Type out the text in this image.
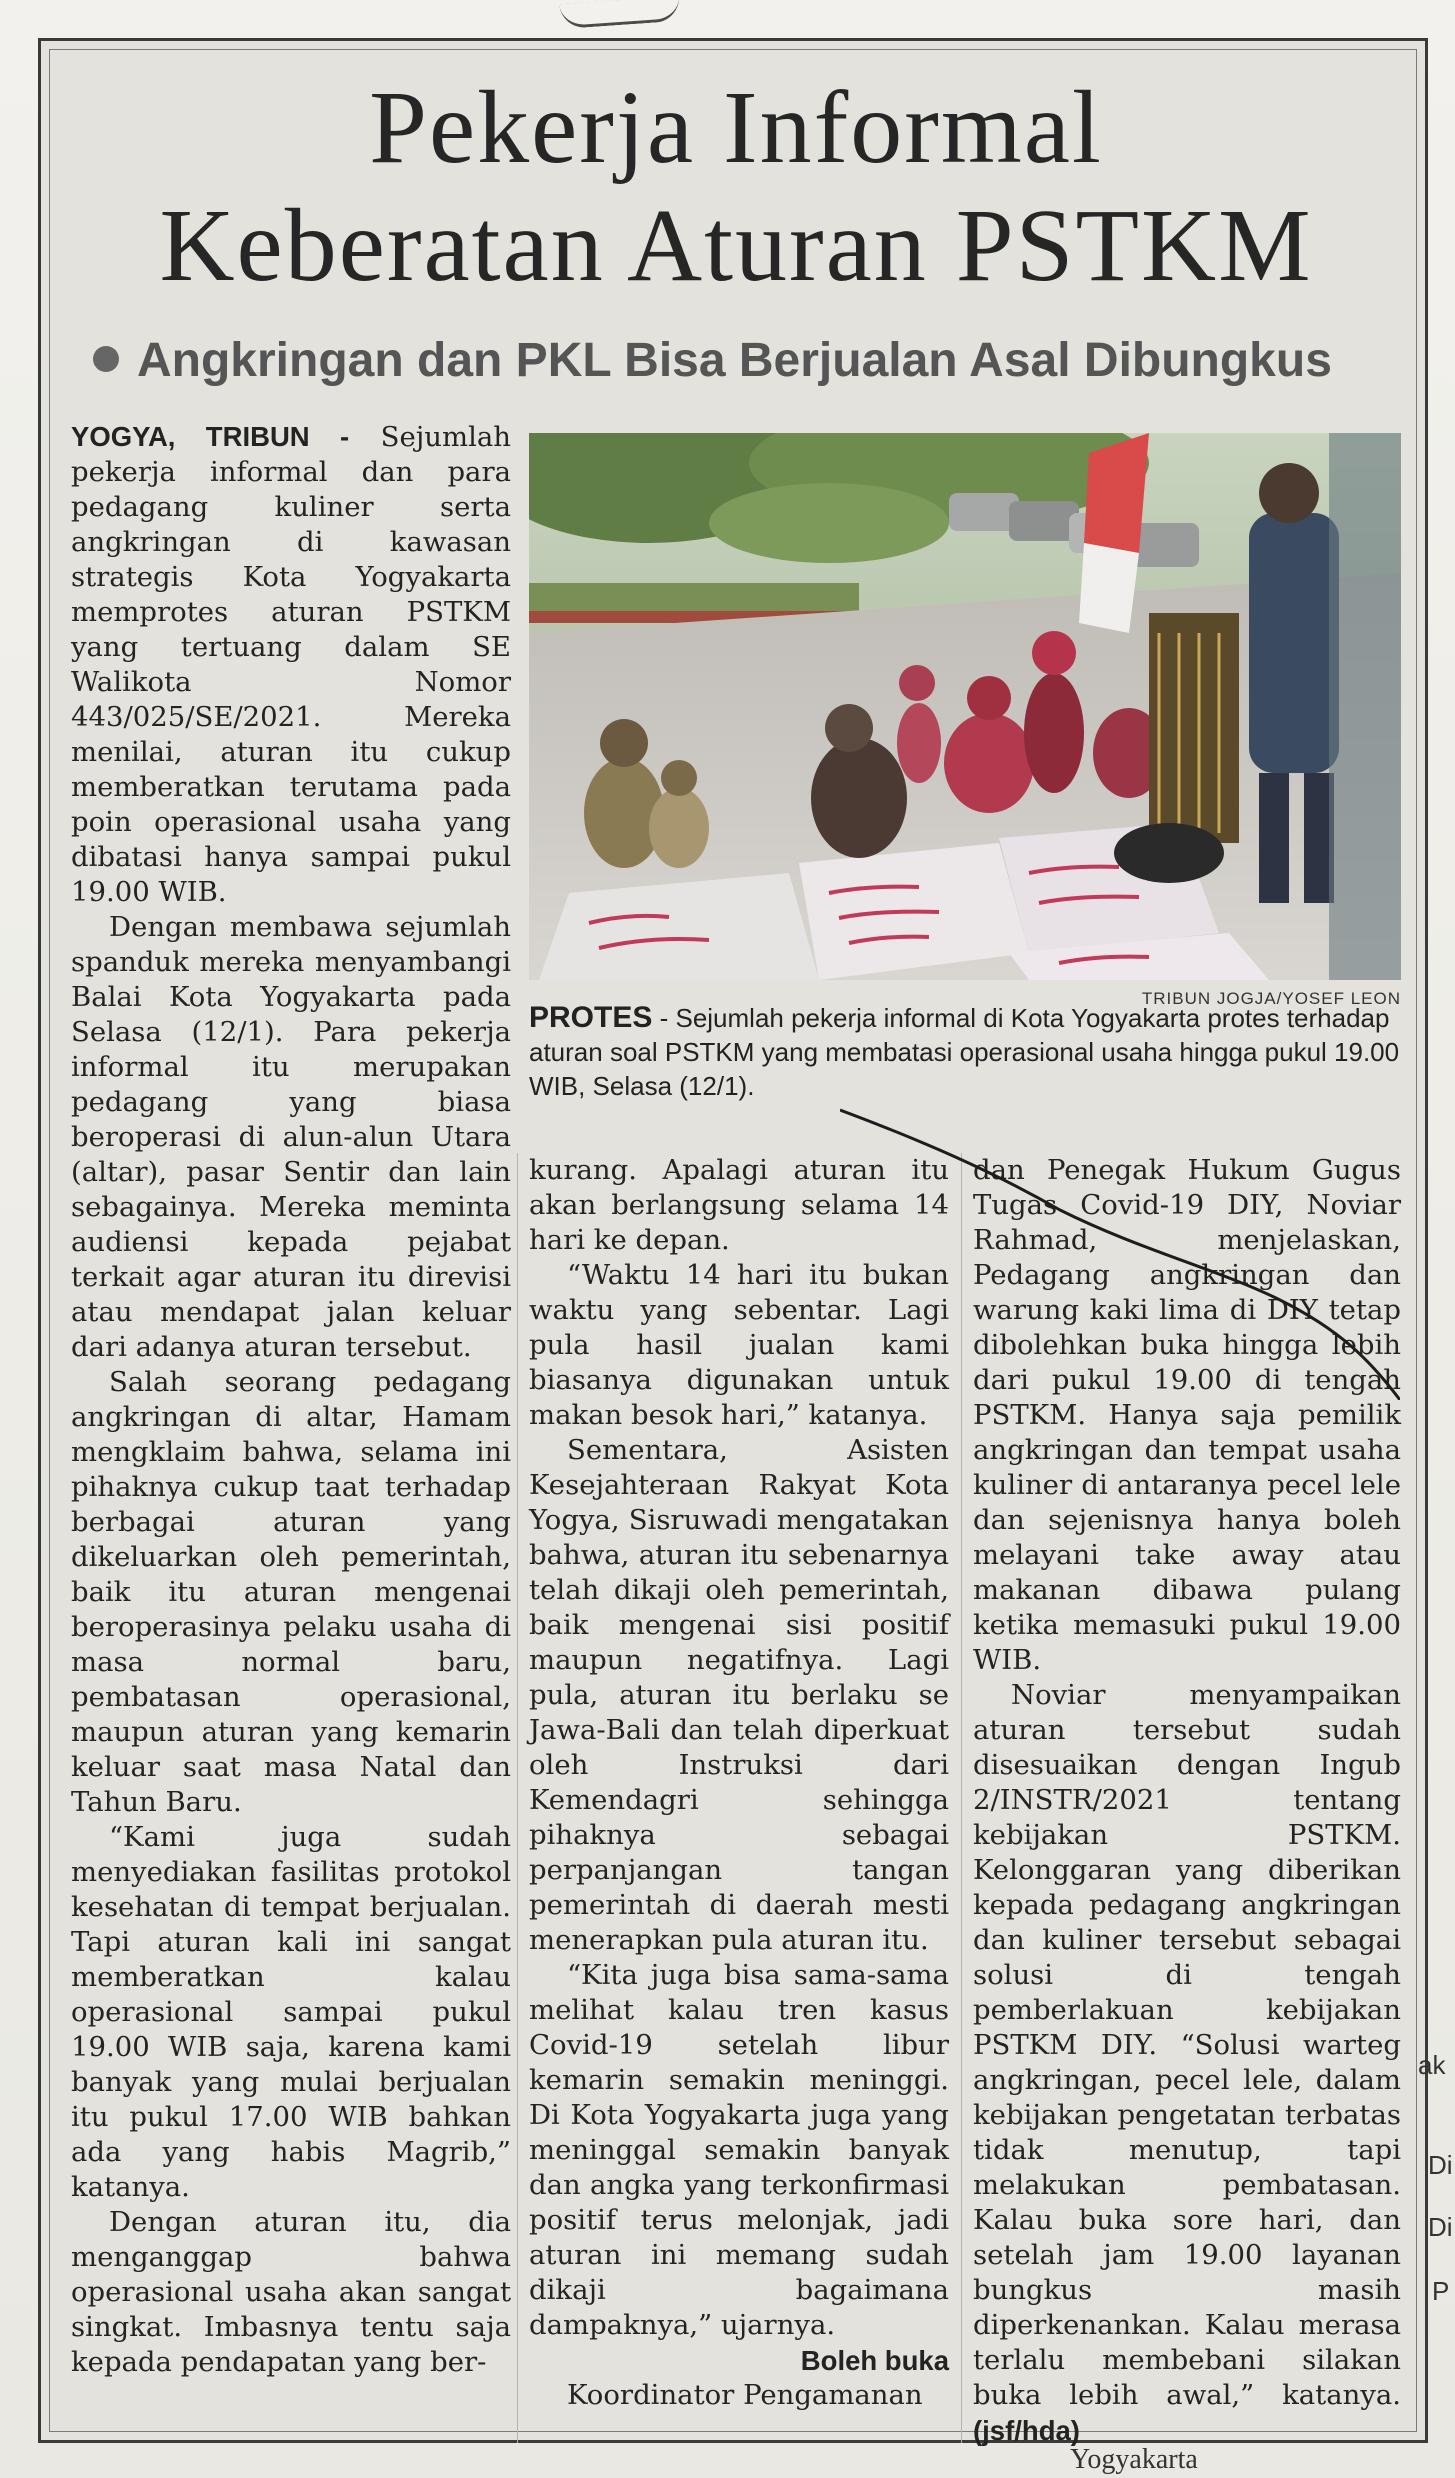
Pekerja Informal
Keberatan Aturan PSTKM
Angkringan dan PKL Bisa Berjualan Asal Dibungkus

YOGYA, TRIBUN - Sejumlah pekerja informal dan para pedagang kuliner serta angkringan di kawasan strategis Kota Yogyakarta memprotes aturan PSTKM yang tertuang dalam SE Walikota Nomor 443/025/SE/2021. Mereka menilai, aturan itu cukup memberatkan terutama pada poin operasional usaha yang dibatasi hanya sampai pukul 19.00 WIB.

Dengan membawa sejumlah spanduk mereka menyambangi Balai Kota Yogyakarta pada Selasa (12/1). Para pekerja informal itu merupakan pedagang yang biasa beroperasi di alun-alun Utara (altar), pasar Sentir dan lain sebagainya. Mereka meminta audiensi kepada pejabat terkait agar aturan itu direvisi atau mendapat jalan keluar dari adanya aturan tersebut.

Salah seorang pedagang angkringan di altar, Hamam mengklaim bahwa, selama ini pihaknya cukup taat terhadap berbagai aturan yang dikeluarkan oleh pemerintah, baik itu aturan mengenai beroperasinya pelaku usaha di masa normal baru, pembatasan operasional, maupun aturan yang kemarin keluar saat masa Natal dan Tahun Baru.

“Kami juga sudah menyediakan fasilitas protokol kesehatan di tempat berjualan. Tapi aturan kali ini sangat memberatkan kalau operasional sampai pukul 19.00 WIB saja, karena kami banyak yang mulai berjualan itu pukul 17.00 WIB bahkan ada yang habis Magrib,” katanya.

Dengan aturan itu, dia menganggap bahwa operasional usaha akan sangat singkat. Imbasnya tentu saja kepada pendapatan yang ber-

TRIBUN JOGJA/YOSEF LEON

PROTES - Sejumlah pekerja informal di Kota Yogyakarta protes terhadap aturan soal PSTKM yang membatasi operasional usaha hingga pukul 19.00 WIB, Selasa (12/1).

kurang. Apalagi aturan itu akan berlangsung selama 14 hari ke depan.

“Waktu 14 hari itu bukan waktu yang sebentar. Lagi pula hasil jualan kami biasanya digunakan untuk makan besok hari,” katanya.

Sementara, Asisten Kesejahteraan Rakyat Kota Yogya, Sisruwadi mengatakan bahwa, aturan itu sebenarnya telah dikaji oleh pemerintah, baik mengenai sisi positif maupun negatifnya. Lagi pula, aturan itu berlaku se Jawa-Bali dan telah diperkuat oleh Instruksi dari Kemendagri sehingga pihaknya sebagai perpanjangan tangan pemerintah di daerah mesti menerapkan pula aturan itu.

“Kita juga bisa sama-sama melihat kalau tren kasus Covid-19 setelah libur kemarin semakin meninggi. Di Kota Yogyakarta juga yang meninggal semakin banyak dan angka yang terkonfirmasi positif terus melonjak, jadi aturan ini memang sudah dikaji bagaimana dampaknya,” ujarnya.

Boleh buka

Koordinator Pengamanan

dan Penegak Hukum Gugus Tugas Covid-19 DIY, Noviar Rahmad, menjelaskan, Pedagang angkringan dan warung kaki lima di DIY tetap dibolehkan buka hingga lebih dari pukul 19.00 di tengah PSTKM. Hanya saja pemilik angkringan dan tempat usaha kuliner di antaranya pecel lele dan sejenisnya hanya boleh melayani take away atau makanan dibawa pulang ketika memasuki pukul 19.00 WIB.

Noviar menyampaikan aturan tersebut sudah disesuaikan dengan Ingub 2/INSTR/2021 tentang kebijakan PSTKM. Kelonggaran yang diberikan kepada pedagang angkringan dan kuliner tersebut sebagai solusi di tengah pemberlakuan kebijakan PSTKM DIY. “Solusi warteg angkringan, pecel lele, dalam kebijakan pengetatan terbatas tidak menutup, tapi melakukan pembatasan. Kalau buka sore hari, dan setelah jam 19.00 layanan bungkus masih diperkenankan. Kalau merasa terlalu membebani silakan buka lebih awal,” katanya. (jsf/hda)

ak
Di
Di
P
Yogyakarta
